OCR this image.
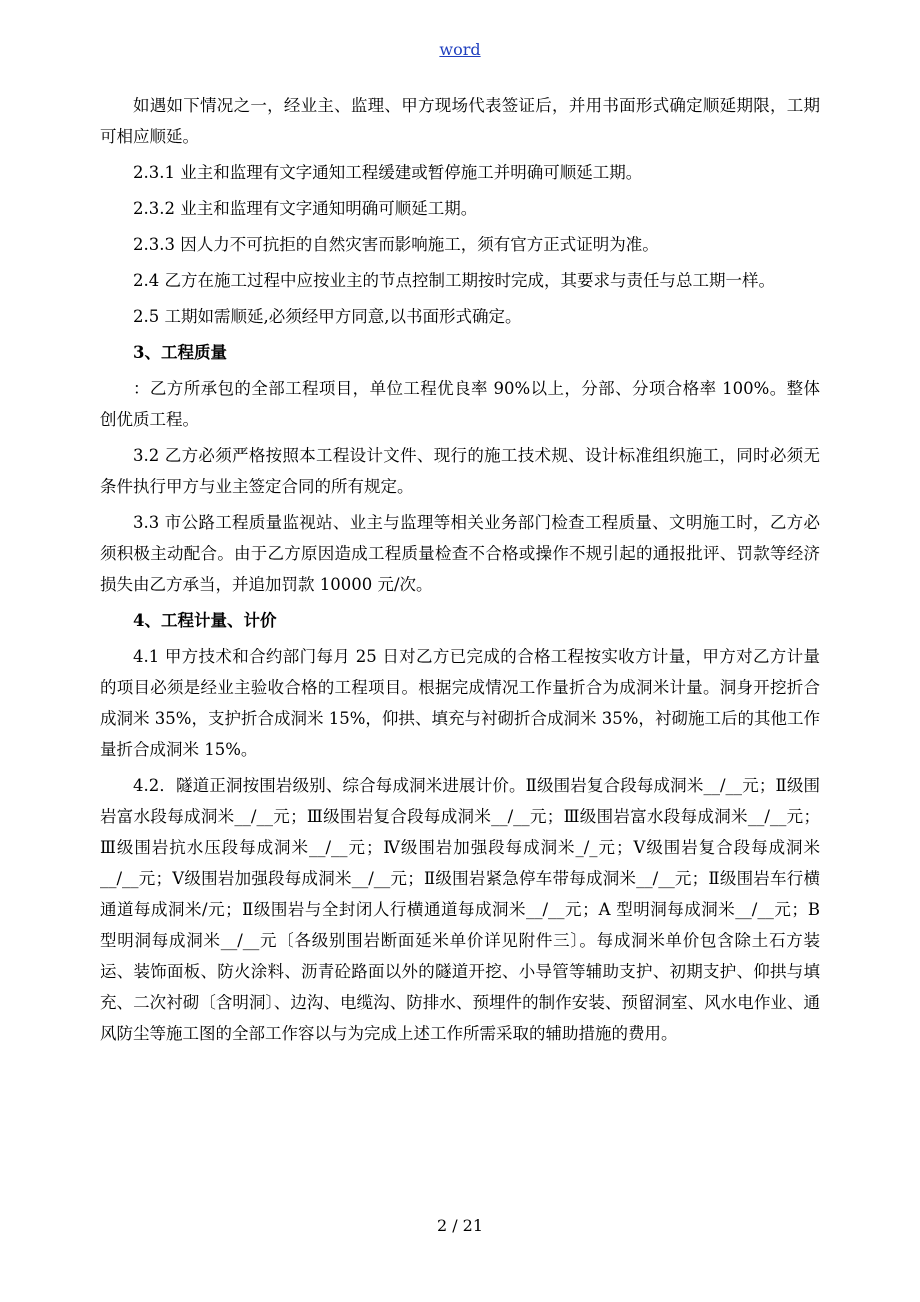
word

如遇如下情况之一，经业主、监理、甲方现场代表签证后，并用书面形式确定顺延期限，工期可相应顺延。

2.3.1 业主和监理有文字通知工程缓建或暂停施工并明确可顺延工期。

2.3.2 业主和监理有文字通知明确可顺延工期。

2.3.3 因人力不可抗拒的自然灾害而影响施工，须有官方正式证明为准。

2.4 乙方在施工过程中应按业主的节点控制工期按时完成，其要求与责任与总工期一样。

2.5 工期如需顺延,必须经甲方同意,以书面形式确定。

3、工程质量

：乙方所承包的全部工程项目，单位工程优良率 90%以上，分部、分项合格率 100%。整体创优质工程。

3.2 乙方必须严格按照本工程设计文件、现行的施工技术规、设计标准组织施工，同时必须无条件执行甲方与业主签定合同的所有规定。

3.3 市公路工程质量监视站、业主与监理等相关业务部门检查工程质量、文明施工时，乙方必须积极主动配合。由于乙方原因造成工程质量检查不合格或操作不规引起的通报批评、罚款等经济损失由乙方承当，并追加罚款 10000 元/次。

4、工程计量、计价

4.1 甲方技术和合约部门每月 25 日对乙方已完成的合格工程按实收方计量，甲方对乙方计量的项目必须是经业主验收合格的工程项目。根据完成情况工作量折合为成洞米计量。洞身开挖折合成洞米 35%，支护折合成洞米 15%，仰拱、填充与衬砌折合成洞米 35%，衬砌施工后的其他工作量折合成洞米 15%。

4.2．隧道正洞按围岩级别、综合每成洞米进展计价。Ⅱ级围岩复合段每成洞米__/__元；Ⅱ级围岩富水段每成洞米__/__元；Ⅲ级围岩复合段每成洞米__/__元；Ⅲ级围岩富水段每成洞米__/__元；Ⅲ级围岩抗水压段每成洞米__/__元；Ⅳ级围岩加强段每成洞米_/_元；Ⅴ级围岩复合段每成洞米 __/__元；Ⅴ级围岩加强段每成洞米__/__元；Ⅱ级围岩紧急停车带每成洞米__/__元；Ⅱ级围岩车行横通道每成洞米/元；Ⅱ级围岩与全封闭人行横通道每成洞米__/__元；A 型明洞每成洞米__/__元；B 型明洞每成洞米__/__元〔各级别围岩断面延米单价详见附件三〕。每成洞米单价包含除土石方装运、装饰面板、防火涂料、沥青砼路面以外的隧道开挖、小导管等辅助支护、初期支护、仰拱与填充、二次衬砌〔含明洞〕、边沟、电缆沟、防排水、预埋件的制作安装、预留洞室、风水电作业、通风防尘等施工图的全部工作容以与为完成上述工作所需采取的辅助措施的费用。

2 / 21
